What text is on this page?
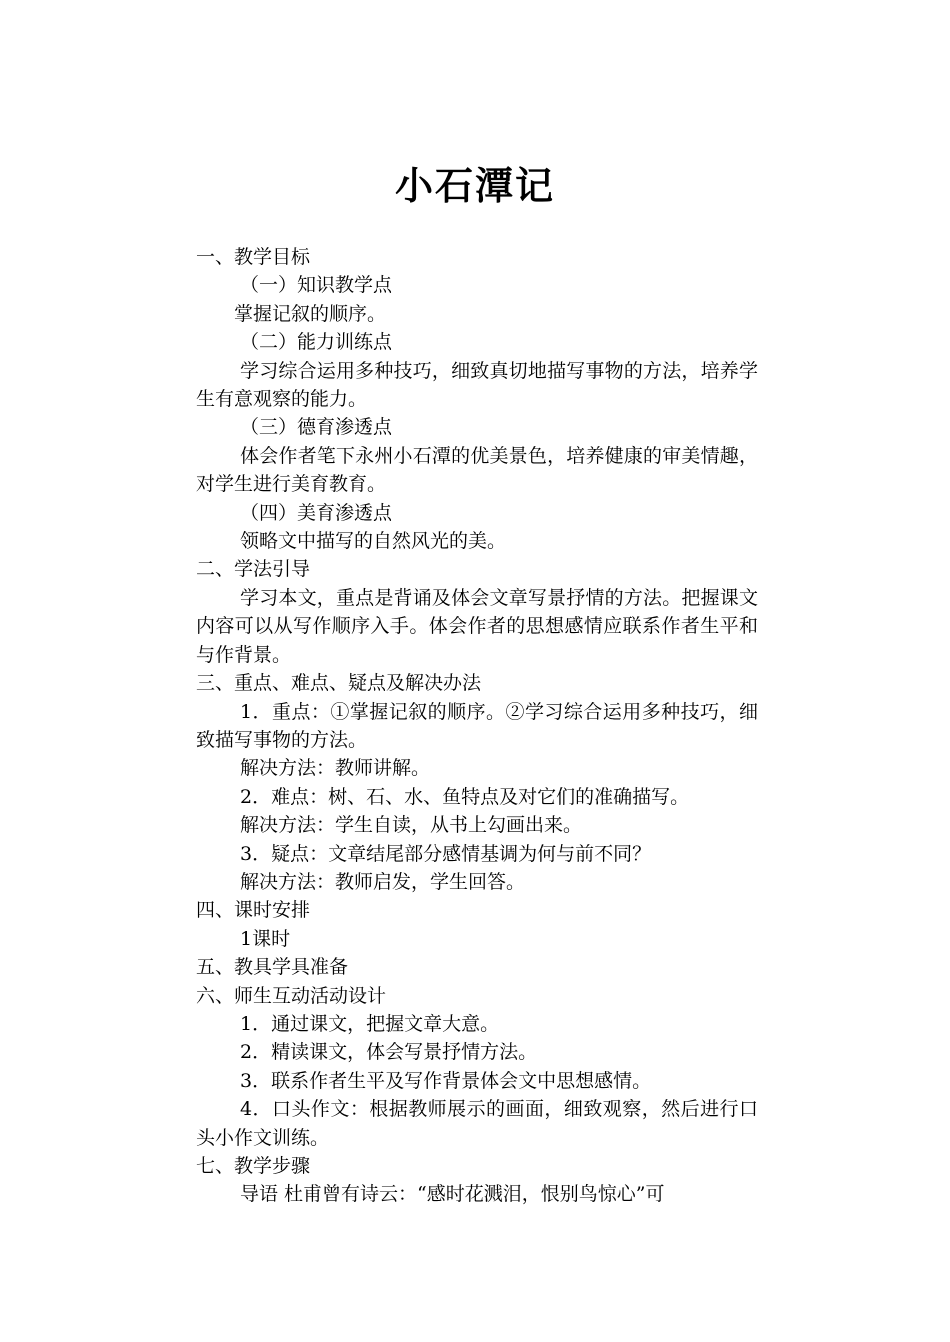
小石潭记

一、教学目标

（一）知识教学点

掌握记叙的顺序。

（二）能力训练点

学习综合运用多种技巧，细致真切地描写事物的方法，培养学生有意观察的能力。

（三）德育渗透点

体会作者笔下永州小石潭的优美景色，培养健康的审美情趣，对学生进行美育教育。

（四）美育渗透点

领略文中描写的自然风光的美。

二、学法引导

学习本文，重点是背诵及体会文章写景抒情的方法。把握课文内容可以从写作顺序入手。体会作者的思想感情应联系作者生平和与作背景。

三、重点、难点、疑点及解决办法

1．重点：①掌握记叙的顺序。②学习综合运用多种技巧，细致描写事物的方法。

解决方法：教师讲解。

2．难点：树、石、水、鱼特点及对它们的准确描写。

解决方法：学生自读，从书上勾画出来。

3．疑点：文章结尾部分感情基调为何与前不同？

解决方法：教师启发，学生回答。

四、课时安排

1课时

五、教具学具准备

六、师生互动活动设计

1．通过课文，把握文章大意。

2．精读课文，体会写景抒情方法。

3．联系作者生平及写作背景体会文中思想感情。

4．口头作文：根据教师展示的画面，细致观察，然后进行口头小作文训练。

七、教学步骤

导语 杜甫曾有诗云：“感时花溅泪，恨别鸟惊心”可
